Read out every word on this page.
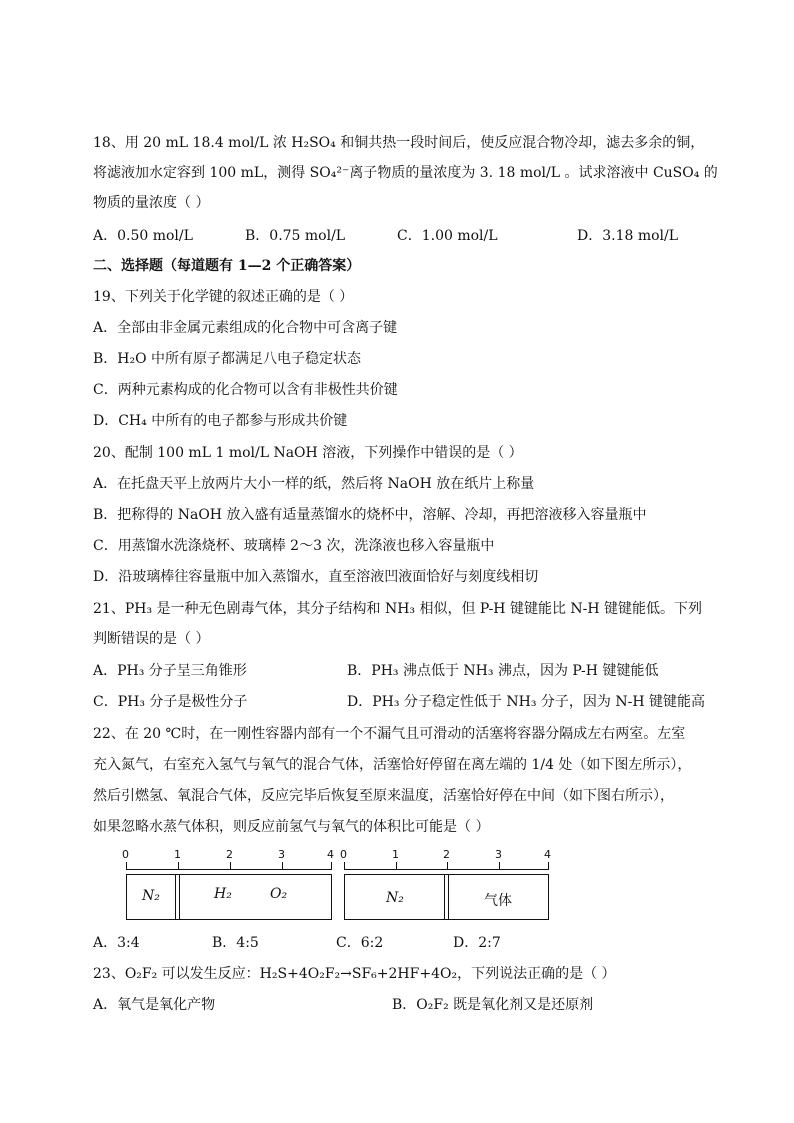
18、用 20 mL 18.4 mol/L 浓 H₂SO₄ 和铜共热一段时间后，使反应混合物冷却，滤去多余的铜，
将滤液加水定容到 100 mL，测得 SO₄²⁻离子物质的量浓度为 3. 18 mol/L 。试求溶液中 CuSO₄ 的
物质的量浓度（ ）
A．0.50 mol/L	B．0.75 mol/L	C．1.00 mol/L	D．3.18 mol/L
二、选择题（每道题有 1—2 个正确答案）
19、下列关于化学键的叙述正确的是（ ）
A．全部由非金属元素组成的化合物中可含离子键
B．H₂O 中所有原子都满足八电子稳定状态
C．两种元素构成的化合物可以含有非极性共价键
D．CH₄ 中所有的电子都参与形成共价键
20、配制 100 mL 1 mol/L NaOH 溶液，下列操作中错误的是（ ）
A．在托盘天平上放两片大小一样的纸，然后将 NaOH 放在纸片上称量
B．把称得的 NaOH 放入盛有适量蒸馏水的烧杯中，溶解、冷却，再把溶液移入容量瓶中
C．用蒸馏水洗涤烧杯、玻璃棒 2～3 次，洗涤液也移入容量瓶中
D．沿玻璃棒往容量瓶中加入蒸馏水，直至溶液凹液面恰好与刻度线相切
21、PH₃ 是一种无色剧毒气体，其分子结构和 NH₃ 相似，但 P-H 键键能比 N-H 键键能低。下列
判断错误的是（ ）
A．PH₃ 分子呈三角锥形	B．PH₃ 沸点低于 NH₃ 沸点，因为 P-H 键键能低
C．PH₃ 分子是极性分子	D．PH₃ 分子稳定性低于 NH₃ 分子，因为 N-H 键键能高
22、在 20 ℃时，在一刚性容器内部有一个不漏气且可滑动的活塞将容器分隔成左右两室。左室
充入氮气，右室充入氢气与氧气的混合气体，活塞恰好停留在离左端的 1/4 处（如下图左所示），
然后引燃氢、氧混合气体，反应完毕后恢复至原来温度，活塞恰好停在中间（如下图右所示），
如果忽略水蒸气体积，则反应前氢气与氧气的体积比可能是（ ）
0	1	2	3	4
N₂	H₂	O₂
0	1	2	3	4
N₂	气体
A．3:4	B．4:5	C．6:2	D．2:7
23、O₂F₂ 可以发生反应：H₂S+4O₂F₂→SF₆+2HF+4O₂，下列说法正确的是（ ）
A．氧气是氧化产物	B．O₂F₂ 既是氧化剂又是还原剂
